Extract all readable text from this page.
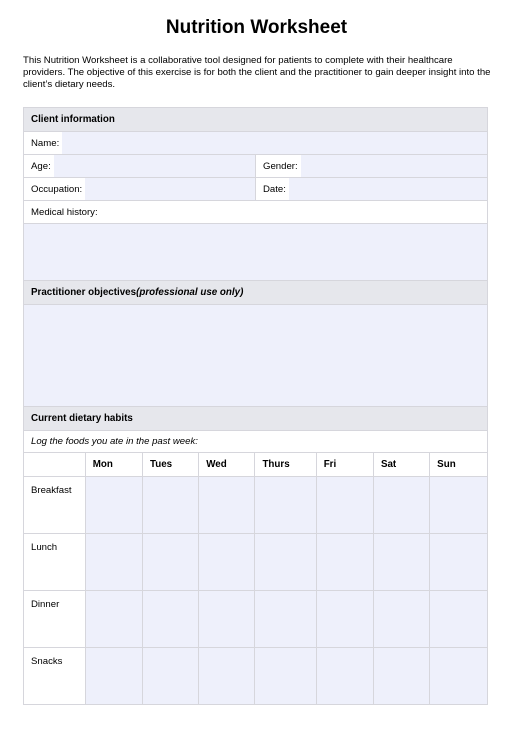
Nutrition Worksheet
This Nutrition Worksheet is a collaborative tool designed for patients to complete with their healthcare providers. The objective of this exercise is for both the client and the practitioner to gain deeper insight into the client’s dietary needs.
Client information
Name:
Age:	Gender:
Occupation:	Date:
Medical history:
Practitioner objectives (professional use only)
Current dietary habits
Log the foods you ate in the past week:
	Mon	Tues	Wed	Thurs	Fri	Sat	Sun
Breakfast							
Lunch							
Dinner							
Snacks							
